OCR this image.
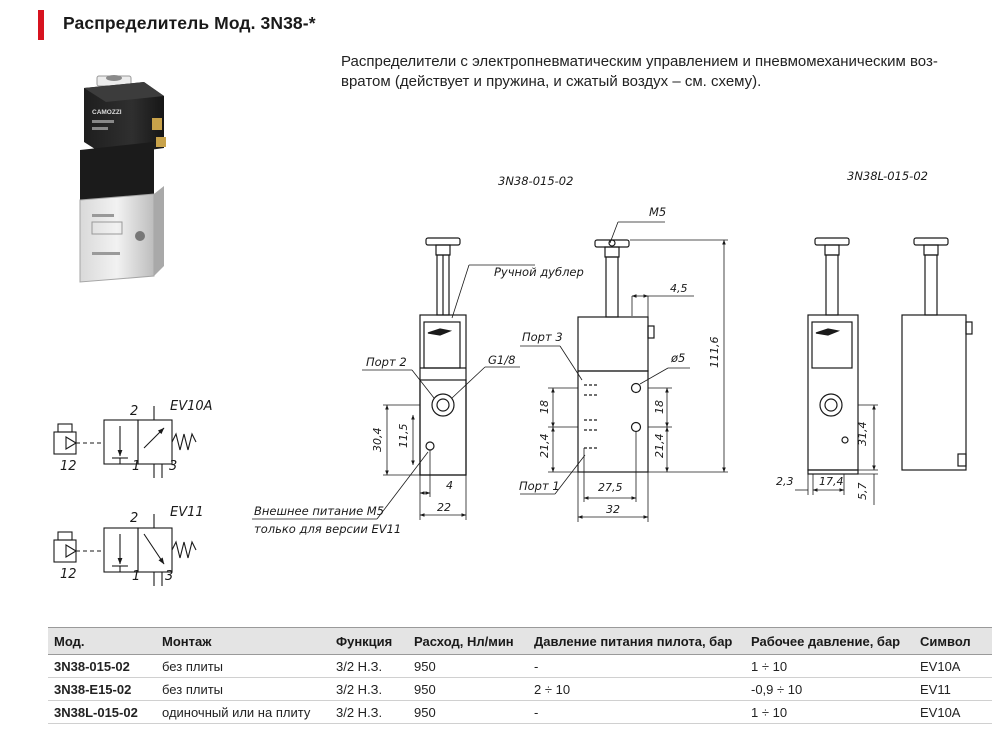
Распределитель Мод. 3N38-*
Распределители с электропневматическим управлением и пневмомеханическим воз-
вратом (действует и пружина, и сжатый воздух – см. схему).
CAMOZZI
3N38-015-02	3N38L-015-02
Ручной дублер
Порт 2	G1/8
Порт 3
Порт 1
M5
ø5
Внешнее питание M5
только для версии EV11
4,5
111,6
30,4 11,5
18
21,4
18
21,4
4
22
27,5
32
31,4
2,3 17,4
5,7
EV10A
2
1 3
12
EV11
2
1 3
12
Мод.	Монтаж	Функция	Расход, Нл/мин	Давление питания пилота, бар	Рабочее давление, бар	Символ
3N38-015-02	без плиты	3/2 Н.З.	950	-	1 ÷ 10	EV10A
3N38-E15-02	без плиты	3/2 Н.З.	950	2 ÷ 10	-0,9 ÷ 10	EV11
3N38L-015-02	одиночный или на плиту	3/2 Н.З.	950	-	1 ÷ 10	EV10A
